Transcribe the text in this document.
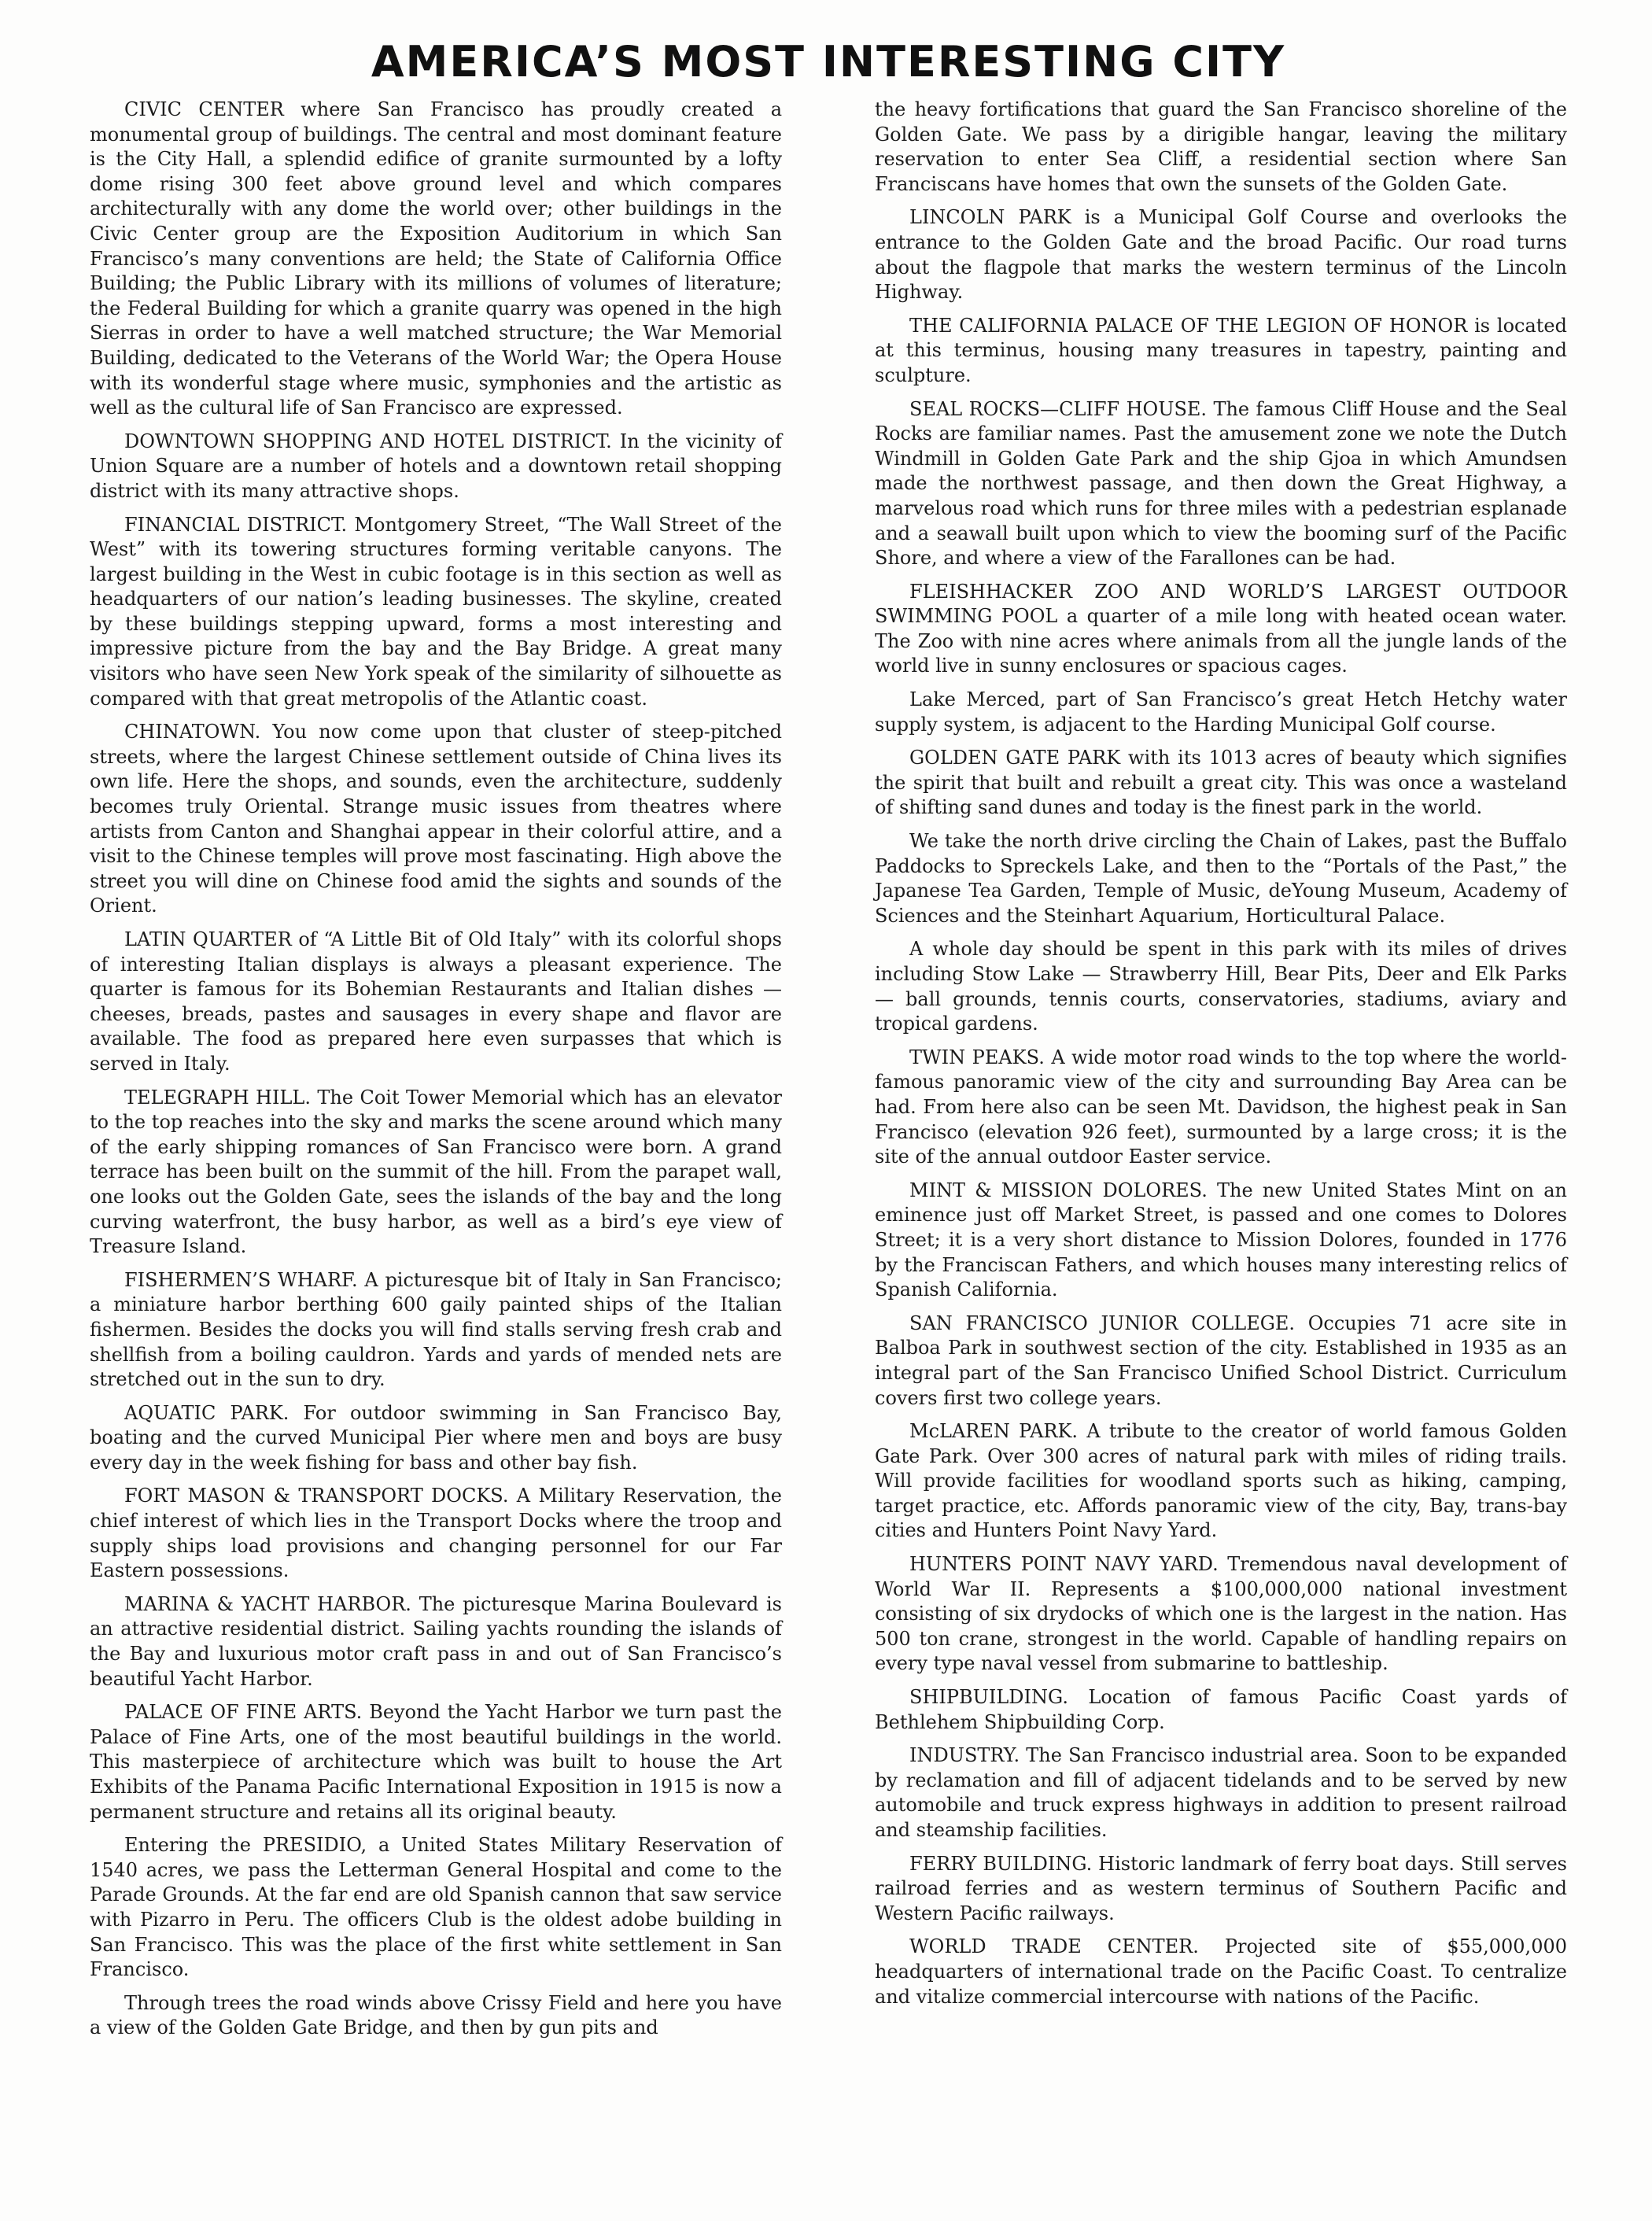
AMERICA’S MOST INTERESTING CITY

CIVIC CENTER where San Francisco has proudly created a monumental group of buildings. The central and most dominant feature is the City Hall, a splendid edifice of granite surmounted by a lofty dome rising 300 feet above ground level and which compares architecturally with any dome the world over; other buildings in the Civic Center group are the Exposition Auditorium in which San Francisco’s many conventions are held; the State of California Office Building; the Public Library with its millions of volumes of literature; the Federal Building for which a granite quarry was opened in the high Sierras in order to have a well matched structure; the War Memorial Building, dedicated to the Veterans of the World War; the Opera House with its wonderful stage where music, symphonies and the artistic as well as the cultural life of San Francisco are expressed.

DOWNTOWN SHOPPING AND HOTEL DISTRICT. In the vicinity of Union Square are a number of hotels and a downtown retail shopping district with its many attractive shops.

FINANCIAL DISTRICT. Montgomery Street, “The Wall Street of the West” with its towering structures forming veritable canyons. The largest building in the West in cubic footage is in this section as well as headquarters of our nation’s leading businesses. The skyline, created by these buildings stepping upward, forms a most interesting and impressive picture from the bay and the Bay Bridge. A great many visitors who have seen New York speak of the similarity of silhouette as compared with that great metropolis of the Atlantic coast.

CHINATOWN. You now come upon that cluster of steep-pitched streets, where the largest Chinese settlement outside of China lives its own life. Here the shops, and sounds, even the architecture, suddenly becomes truly Oriental. Strange music issues from theatres where artists from Canton and Shanghai appear in their colorful attire, and a visit to the Chinese temples will prove most fascinating. High above the street you will dine on Chinese food amid the sights and sounds of the Orient.

LATIN QUARTER of “A Little Bit of Old Italy” with its colorful shops of interesting Italian displays is always a pleasant experience. The quarter is famous for its Bohemian Restaurants and Italian dishes — cheeses, breads, pastes and sausages in every shape and flavor are available. The food as prepared here even surpasses that which is served in Italy.

TELEGRAPH HILL. The Coit Tower Memorial which has an elevator to the top reaches into the sky and marks the scene around which many of the early shipping romances of San Francisco were born. A grand terrace has been built on the summit of the hill. From the parapet wall, one looks out the Golden Gate, sees the islands of the bay and the long curving waterfront, the busy harbor, as well as a bird’s eye view of Treasure Island.

FISHERMEN’S WHARF. A picturesque bit of Italy in San Francisco; a miniature harbor berthing 600 gaily painted ships of the Italian fishermen. Besides the docks you will find stalls serving fresh crab and shellfish from a boiling cauldron. Yards and yards of mended nets are stretched out in the sun to dry.

AQUATIC PARK. For outdoor swimming in San Francisco Bay, boating and the curved Municipal Pier where men and boys are busy every day in the week fishing for bass and other bay fish.

FORT MASON & TRANSPORT DOCKS. A Military Reservation, the chief interest of which lies in the Transport Docks where the troop and supply ships load provisions and changing personnel for our Far Eastern possessions.

MARINA & YACHT HARBOR. The picturesque Marina Boulevard is an attractive residential district. Sailing yachts rounding the islands of the Bay and luxurious motor craft pass in and out of San Francisco’s beautiful Yacht Harbor.

PALACE OF FINE ARTS. Beyond the Yacht Harbor we turn past the Palace of Fine Arts, one of the most beautiful buildings in the world. This masterpiece of architecture which was built to house the Art Exhibits of the Panama Pacific International Exposition in 1915 is now a permanent structure and retains all its original beauty.

Entering the PRESIDIO, a United States Military Reservation of 1540 acres, we pass the Letterman General Hospital and come to the Parade Grounds. At the far end are old Spanish cannon that saw service with Pizarro in Peru. The officers Club is the oldest adobe building in San Francisco. This was the place of the first white settlement in San Francisco.

Through trees the road winds above Crissy Field and here you have a view of the Golden Gate Bridge, and then by gun pits and

the heavy fortifications that guard the San Francisco shoreline of the Golden Gate. We pass by a dirigible hangar, leaving the military reservation to enter Sea Cliff, a residential section where San Franciscans have homes that own the sunsets of the Golden Gate.

LINCOLN PARK is a Municipal Golf Course and overlooks the entrance to the Golden Gate and the broad Pacific. Our road turns about the flagpole that marks the western terminus of the Lincoln Highway.

THE CALIFORNIA PALACE OF THE LEGION OF HONOR is located at this terminus, housing many treasures in tapestry, painting and sculpture.

SEAL ROCKS—CLIFF HOUSE. The famous Cliff House and the Seal Rocks are familiar names. Past the amusement zone we note the Dutch Windmill in Golden Gate Park and the ship Gjoa in which Amundsen made the northwest passage, and then down the Great Highway, a marvelous road which runs for three miles with a pedestrian esplanade and a seawall built upon which to view the booming surf of the Pacific Shore, and where a view of the Farallones can be had.

FLEISHHACKER ZOO AND WORLD’S LARGEST OUTDOOR SWIMMING POOL a quarter of a mile long with heated ocean water. The Zoo with nine acres where animals from all the jungle lands of the world live in sunny enclosures or spacious cages.

Lake Merced, part of San Francisco’s great Hetch Hetchy water supply system, is adjacent to the Harding Municipal Golf course.

GOLDEN GATE PARK with its 1013 acres of beauty which signifies the spirit that built and rebuilt a great city. This was once a wasteland of shifting sand dunes and today is the finest park in the world.

We take the north drive circling the Chain of Lakes, past the Buffalo Paddocks to Spreckels Lake, and then to the “Portals of the Past,” the Japanese Tea Garden, Temple of Music, deYoung Museum, Academy of Sciences and the Steinhart Aquarium, Horticultural Palace.

A whole day should be spent in this park with its miles of drives including Stow Lake — Strawberry Hill, Bear Pits, Deer and Elk Parks — ball grounds, tennis courts, conservatories, stadiums, aviary and tropical gardens.

TWIN PEAKS. A wide motor road winds to the top where the world-famous panoramic view of the city and surrounding Bay Area can be had. From here also can be seen Mt. Davidson, the highest peak in San Francisco (elevation 926 feet), surmounted by a large cross; it is the site of the annual outdoor Easter service.

MINT & MISSION DOLORES. The new United States Mint on an eminence just off Market Street, is passed and one comes to Dolores Street; it is a very short distance to Mission Dolores, founded in 1776 by the Franciscan Fathers, and which houses many interesting relics of Spanish California.

SAN FRANCISCO JUNIOR COLLEGE. Occupies 71 acre site in Balboa Park in southwest section of the city. Established in 1935 as an integral part of the San Francisco Unified School District. Curriculum covers first two college years.

McLAREN PARK. A tribute to the creator of world famous Golden Gate Park. Over 300 acres of natural park with miles of riding trails. Will provide facilities for woodland sports such as hiking, camping, target practice, etc. Affords panoramic view of the city, Bay, trans-bay cities and Hunters Point Navy Yard.

HUNTERS POINT NAVY YARD. Tremendous naval development of World War II. Represents a $100,000,000 national investment consisting of six drydocks of which one is the largest in the nation. Has 500 ton crane, strongest in the world. Capable of handling repairs on every type naval vessel from submarine to battleship.

SHIPBUILDING. Location of famous Pacific Coast yards of Bethlehem Shipbuilding Corp.

INDUSTRY. The San Francisco industrial area. Soon to be expanded by reclamation and fill of adjacent tidelands and to be served by new automobile and truck express highways in addition to present railroad and steamship facilities.

FERRY BUILDING. Historic landmark of ferry boat days. Still serves railroad ferries and as western terminus of Southern Pacific and Western Pacific railways.

WORLD TRADE CENTER. Projected site of $55,000,000 headquarters of international trade on the Pacific Coast. To centralize and vitalize commercial intercourse with nations of the Pacific.
